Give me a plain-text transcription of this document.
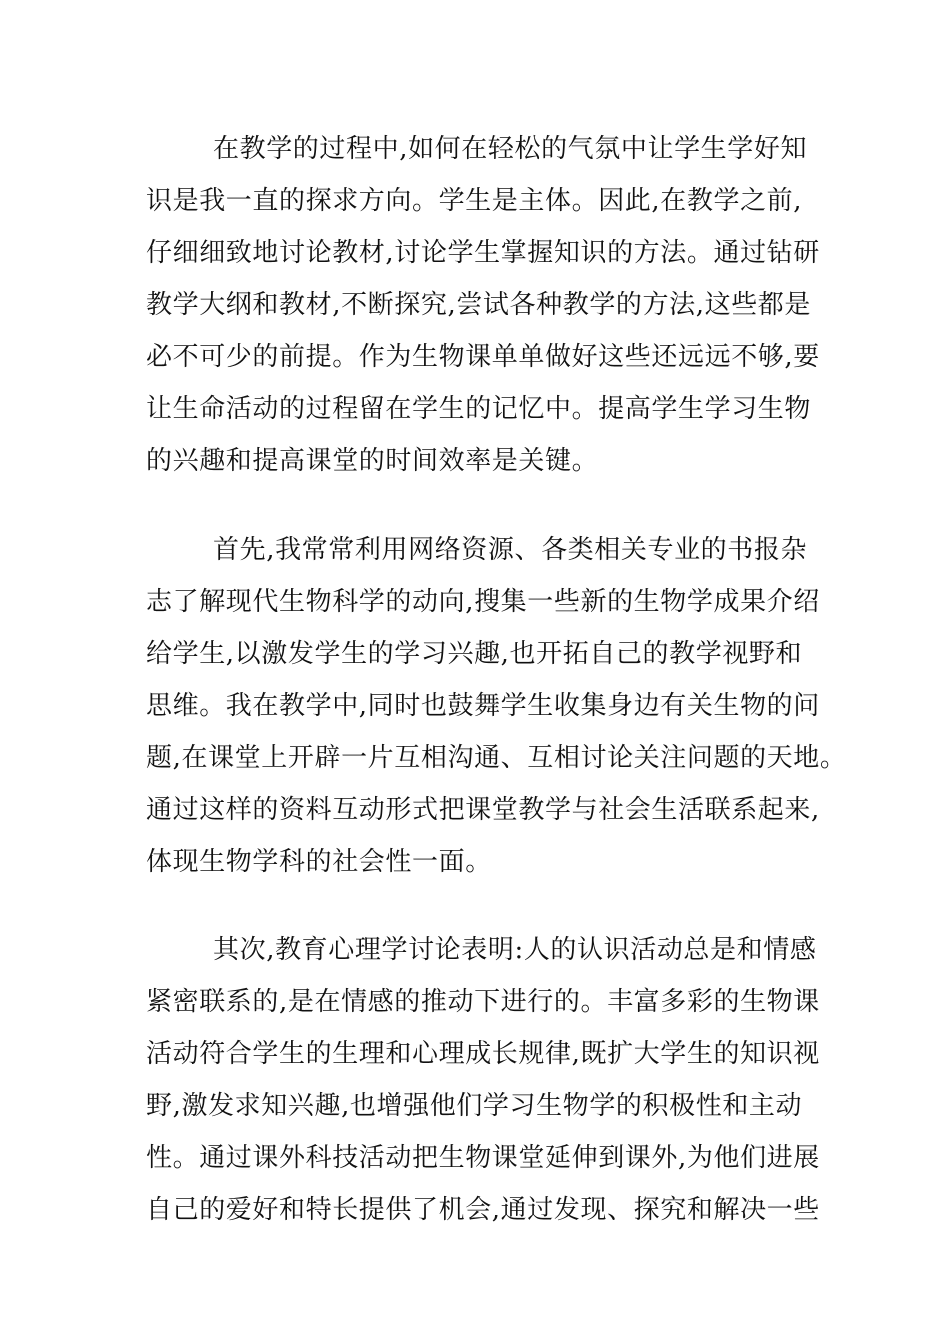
在教学的过程中,如何在轻松的气氛中让学生学好知
识是我一直的探求方向。学生是主体。因此,在教学之前,
仔细细致地讨论教材,讨论学生掌握知识的方法。通过钻研
教学大纲和教材,不断探究,尝试各种教学的方法,这些都是
必不可少的前提。作为生物课单单做好这些还远远不够,要
让生命活动的过程留在学生的记忆中。提高学生学习生物
的兴趣和提高课堂的时间效率是关键。
首先,我常常利用网络资源、各类相关专业的书报杂
志了解现代生物科学的动向,搜集一些新的生物学成果介绍
给学生,以激发学生的学习兴趣,也开拓自己的教学视野和
思维。我在教学中,同时也鼓舞学生收集身边有关生物的问
题,在课堂上开辟一片互相沟通、互相讨论关注问题的天地。
通过这样的资料互动形式把课堂教学与社会生活联系起来,
体现生物学科的社会性一面。
其次,教育心理学讨论表明:人的认识活动总是和情感
紧密联系的,是在情感的推动下进行的。丰富多彩的生物课
活动符合学生的生理和心理成长规律,既扩大学生的知识视
野,激发求知兴趣,也增强他们学习生物学的积极性和主动
性。通过课外科技活动把生物课堂延伸到课外,为他们进展
自己的爱好和特长提供了机会,通过发现、探究和解决一些
